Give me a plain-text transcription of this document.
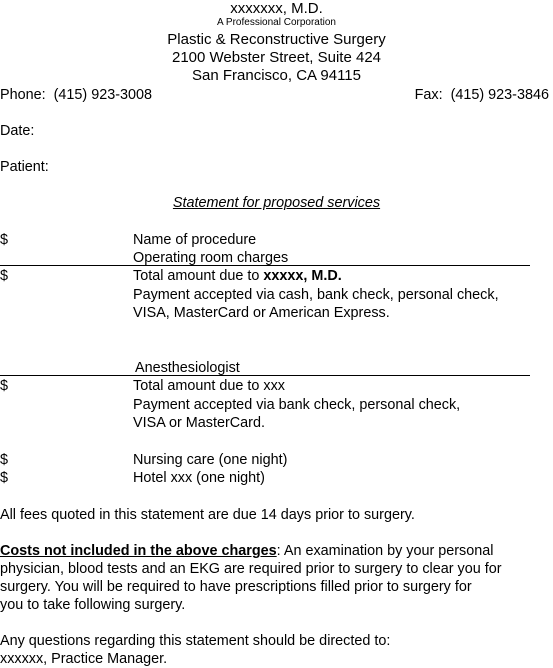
xxxxxxx, M.D.
A Professional Corporation
Plastic & Reconstructive Surgery
2100 Webster Street, Suite 424
San Francisco, CA 94115
Phone: (415) 923-3008	Fax: (415) 923-3846
Date:
Patient:
Statement for proposed services
$	Name of procedure
Operating room charges
$	Total amount due to xxxxx, M.D.
Payment accepted via cash, bank check, personal check,
VISA, MasterCard or American Express.
Anesthesiologist
$	Total amount due to xxx
Payment accepted via bank check, personal check,
VISA or MasterCard.
$	Nursing care (one night)
$	Hotel xxx (one night)
All fees quoted in this statement are due 14 days prior to surgery.
Costs not included in the above charges: An examination by your personal
physician, blood tests and an EKG are required prior to surgery to clear you for
surgery. You will be required to have prescriptions filled prior to surgery for
you to take following surgery.
Any questions regarding this statement should be directed to:
xxxxxx, Practice Manager.
